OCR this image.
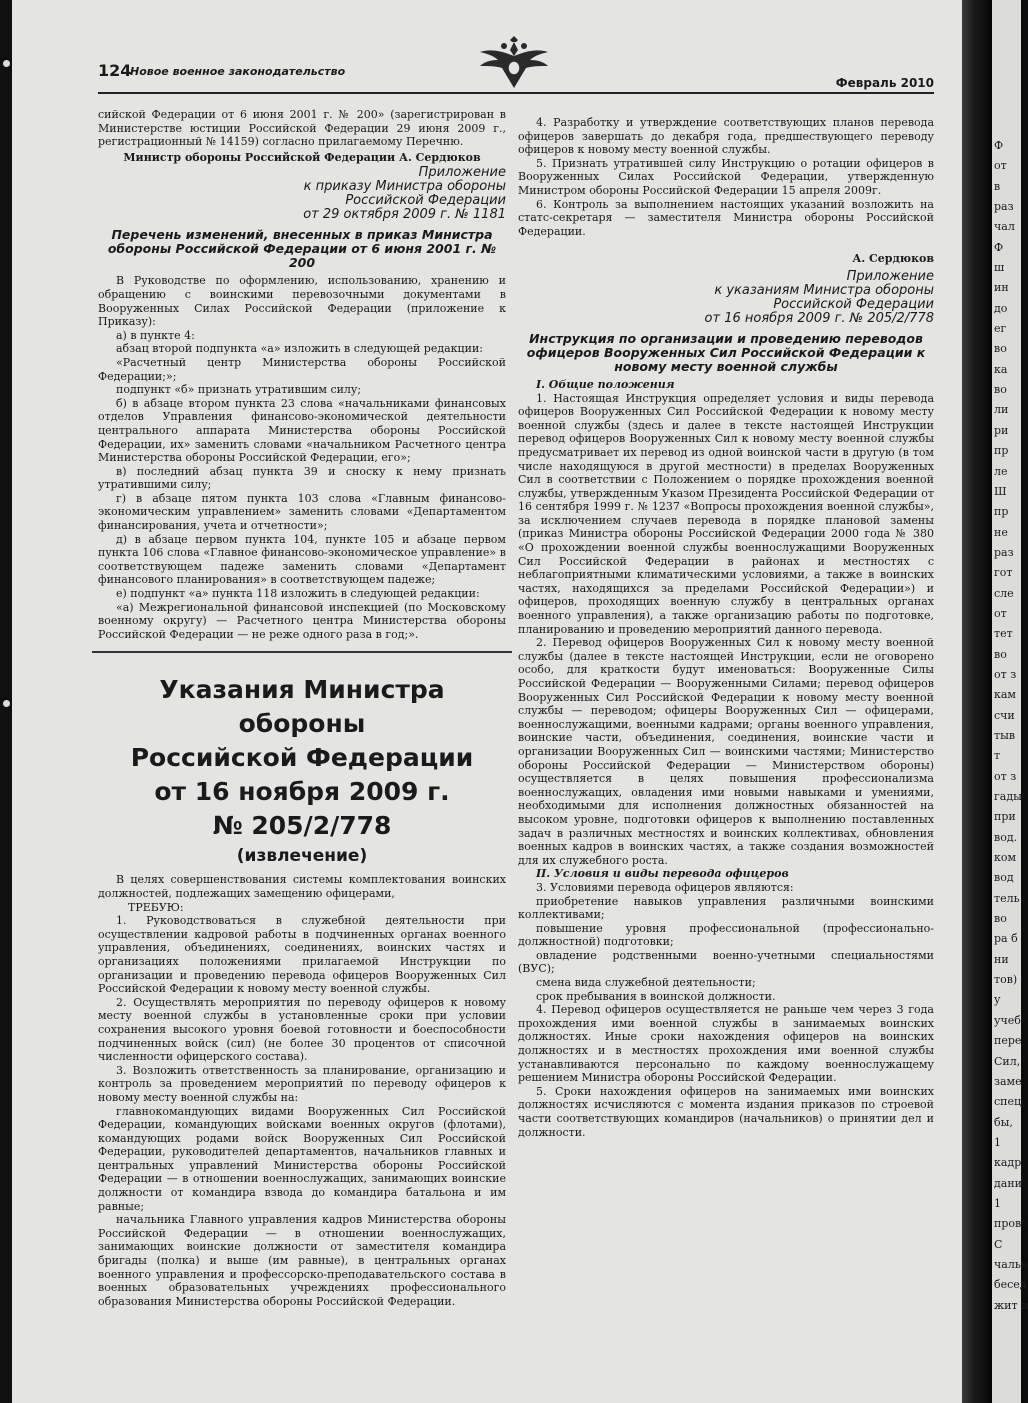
124
Новое военное законодательство
Февраль 2010

сийской Федерации от 6 июня 2001 г. № 200» (зарегистрирован в Министерстве юстиции Российской Федерации 29 июня 2009 г., регистрационный № 14159) согласно прилагаемому Перечню.

Министр обороны Российской Федерации А. Сердюков

Приложение
к приказу Министра обороны
Российской Федерации
от 29 октября 2009 г. № 1181
Перечень изменений, внесенных в приказ Министра обороны Российской Федерации от 6 июня 2001 г. № 200

В Руководстве по оформлению, использованию, хранению и обращению с воинскими перевозочными документами в Вооруженных Силах Российской Федерации (приложение к Приказу):

а) в пункте 4:

абзац второй подпункта «а» изложить в следующей редакции:

«Расчетный центр Министерства обороны Российской Федерации;»;

подпункт «б» признать утратившим силу;

б) в абзаце втором пункта 23 слова «начальниками финансовых отделов Управления финансово-экономической деятельности центрального аппарата Министерства обороны Российской Федерации, их» заменить словами «начальником Расчетного центра Министерства обороны Российской Федерации, его»;

в) последний абзац пункта 39 и сноску к нему признать утратившими силу;

г) в абзаце пятом пункта 103 слова «Главным финансово-экономическим управлением» заменить словами «Департаментом финансирования, учета и отчетности»;

д) в абзаце первом пункта 104, пункте 105 и абзаце первом пункта 106 слова «Главное финансово-экономическое управление» в соответствующем падеже заменить словами «Департамент финансового планирования» в соответствующем падеже;

е) подпункт «а» пункта 118 изложить в следующей редакции:

«а) Межрегиональной финансовой инспекцией (по Московскому военному округу) — Расчетного центра Министерства обороны Российской Федерации — не реже одного раза в год;».

Указания Министра обороны
Российской Федерации
от 16 ноября 2009 г.
№ 205/2/778
(извлечение)

В целях совершенствования системы комплектования воинских должностей, подлежащих замещению офицерами,

ТРЕБУЮ:

1. Руководствоваться в служебной деятельности при осуществлении кадровой работы в подчиненных органах военного управления, объединениях, соединениях, воинских частях и организациях положениями прилагаемой Инструкции по организации и проведению перевода офицеров Вооруженных Сил Российской Федерации к новому месту военной службы.

2. Осуществлять мероприятия по переводу офицеров к новому месту военной службы в установленные сроки при условии сохранения высокого уровня боевой готовности и боеспособности подчиненных войск (сил) (не более 30 процентов от списочной численности офицерского состава).

3. Возложить ответственность за планирование, организацию и контроль за проведением мероприятий по переводу офицеров к новому месту военной службы на:

главнокомандующих видами Вооруженных Сил Российской Федерации, командующих войсками военных округов (флотами), командующих родами войск Вооруженных Сил Российской Федерации, руководителей департаментов, начальников главных и центральных управлений Министерства обороны Российской Федерации — в отношении военнослужащих, занимающих воинские должности от командира взвода до командира батальона и им равные;

начальника Главного управления кадров Министерства обороны Российской Федерации — в отношении военнослужащих, занимающих воинские должности от заместителя командира бригады (полка) и выше (им равные), в центральных органах военного управления и профессорско-преподавательского состава в военных образовательных учреждениях профессионального образования Министерства обороны Российской Федерации.

4. Разработку и утверждение соответствующих планов перевода офицеров завершать до декабря года, предшествующего переводу офицеров к новому месту военной службы.

5. Признать утратившей силу Инструкцию о ротации офицеров в Вооруженных Силах Российской Федерации, утвержденную Министром обороны Российской Федерации 15 апреля 2009г.

6. Контроль за выполнением настоящих указаний возложить на статс-секретаря — заместителя Министра обороны Российской Федерации.

А. Сердюков

Приложение
к указаниям Министра обороны
Российской Федерации
от 16 ноября 2009 г. № 205/2/778
Инструкция по организации и проведению переводов офицеров Вооруженных Сил Российской Федерации к новому месту военной службы

I. Общие положения

1. Настоящая Инструкция определяет условия и виды перевода офицеров Вооруженных Сил Российской Федерации к новому месту военной службы (здесь и далее в тексте настоящей Инструкции перевод офицеров Вооруженных Сил к новому месту военной службы предусматривает их перевод из одной воинской части в другую (в том числе находящуюся в другой местности) в пределах Вооруженных Сил в соответствии с Положением о порядке прохождения военной службы, утвержденным Указом Президента Российской Федерации от 16 сентября 1999 г. № 1237 «Вопросы прохождения военной службы», за исключением случаев перевода в порядке плановой замены (приказ Министра обороны Российской Федерации 2000 года № 380 «О прохождении военной службы военнослужащими Вооруженных Сил Российской Федерации в районах и местностях с неблагоприятными климатическими условиями, а также в воинских частях, находящихся за пределами Российской Федерации») и офицеров, проходящих военную службу в центральных органах военного управления), а также организацию работы по подготовке, планированию и проведению мероприятий данного перевода.

2. Перевод офицеров Вооруженных Сил к новому месту военной службы (далее в тексте настоящей Инструкции, если не оговорено особо, для краткости будут именоваться: Вооруженные Силы Российской Федерации — Вооруженными Силами; перевод офицеров Вооруженных Сил Российской Федерации к новому месту военной службы — переводом; офицеры Вооруженных Сил — офицерами, военнослужащими, военными кадрами; органы военного управления, воинские части, объединения, соединения, воинские части и организации Вооруженных Сил — воинскими частями; Министерство обороны Российской Федерации — Министерством обороны) осуществляется в целях повышения профессионализма военнослужащих, овладения ими новыми навыками и умениями, необходимыми для исполнения должностных обязанностей на высоком уровне, подготовки офицеров к выполнению поставленных задач в различных местностях и воинских коллективах, обновления военных кадров в воинских частях, а также создания возможностей для их служебного роста.

II. Условия и виды перевода офицеров

3. Условиями перевода офицеров являются:

приобретение навыков управления различными воинскими коллективами;

повышение уровня профессиональной (профессионально-должностной) подготовки;

овладение родственными военно-учетными специальностями (ВУС);

смена вида служебной деятельности;

срок пребывания в воинской должности.

4. Перевод офицеров осуществляется не раньше чем через 3 года прохождения ими военной службы в занимаемых воинских должностях. Иные сроки нахождения офицеров на воинских должностях и в местностях прохождения ими военной службы устанавливаются персонально по каждому военнослужащему решением Министра обороны Российской Федерации.

5. Сроки нахождения офицеров на занимаемых ими воинских должностях исчисляются с момента издания приказов по строевой части соответствующих командиров (начальников) о принятии дел и должности.

Ф
от
в
раз
чал
Ф
ш
ин
до
ег
во
ка
во
ли
ри
пр
ле
Ш
пр
не
раз
гот
сле
от
тет
во
от з
кам
счи
тыв
т
от з
гады
при
вод.
ком
вод
тель
во
ра б
ни
тов)
у
учеб
пере
Сил,
заме
спец
бы,
1
кадр
дани
1
прово
С
чальн
бесед
жит п
